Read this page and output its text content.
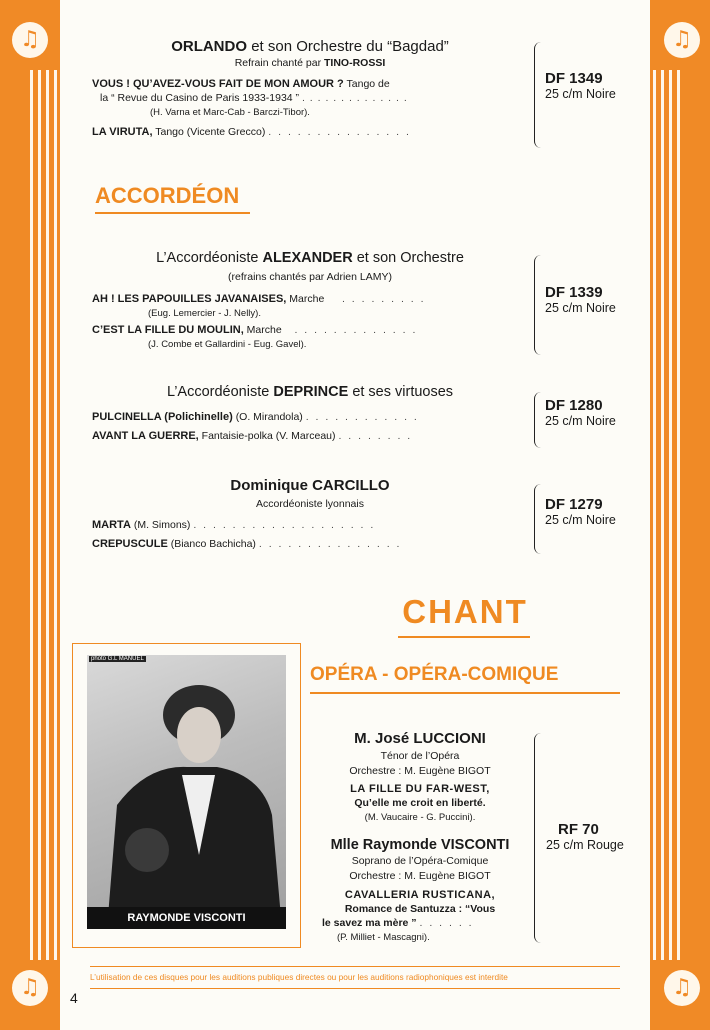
♫
♫
♫
♫
ORLANDO et son Orchestre du “Bagdad”
Refrain chanté par TINO-ROSSI
VOUS ! QU’AVEZ-VOUS FAIT DE MON AMOUR ? Tango de
la “ Revue du Casino de Paris 1933-1934 ” . . . . . . . . . . . . . .
(H. Varna et Marc-Cab - Barczi-Tibor).
LA VIRUTA, Tango (Vicente Grecco) . . . . . . . . . . . . . . .
DF 1349
25 c/m Noire
ACCORDÉON
L’Accordéoniste ALEXANDER et son Orchestre
(refrains chantés par Adrien LAMY)
AH ! LES PAPOUILLES JAVANAISES, Marche    . . . . . . . . .
(Eug. Lemercier - J. Nelly).
C’EST LA FILLE DU MOULIN, Marche   . . . . . . . . . . . . .
(J. Combe et Gallardini - Eug. Gavel).
DF 1339
25 c/m Noire
L’Accordéoniste DEPRINCE et ses virtuoses
PULCINELLA (Polichinelle) (O. Mirandola) . . . . . . . . . . . .
AVANT LA GUERRE, Fantaisie-polka (V. Marceau) . . . . . . . .
DF 1280
25 c/m Noire
Dominique CARCILLO
Accordéoniste lyonnais
MARTA (M. Simons) . . . . . . . . . . . . . . . . . . .
CREPUSCULE (Bianco Bachicha) . . . . . . . . . . . . . . .
DF 1279
25 c/m Noire
CHANT
photo G.L MANUEL
RAYMONDE VISCONTI
OPÉRA - OPÉRA-COMIQUE
M. José LUCCIONI
Ténor de l’Opéra
Orchestre : M. Eugène BIGOT
LA FILLE DU FAR-WEST,
Qu’elle me croit en liberté.
(M. Vaucaire - G. Puccini).
Mlle Raymonde VISCONTI
Soprano de l’Opéra-Comique
Orchestre : M. Eugène BIGOT
CAVALLERIA RUSTICANA,
Romance de Santuzza : “Vous
le savez ma mère ” . . . . . .
(P. Milliet - Mascagni).
RF 70
25 c/m Rouge
L’utilisation de ces disques pour les auditions publiques directes ou pour les auditions radiophoniques est interdite
4
